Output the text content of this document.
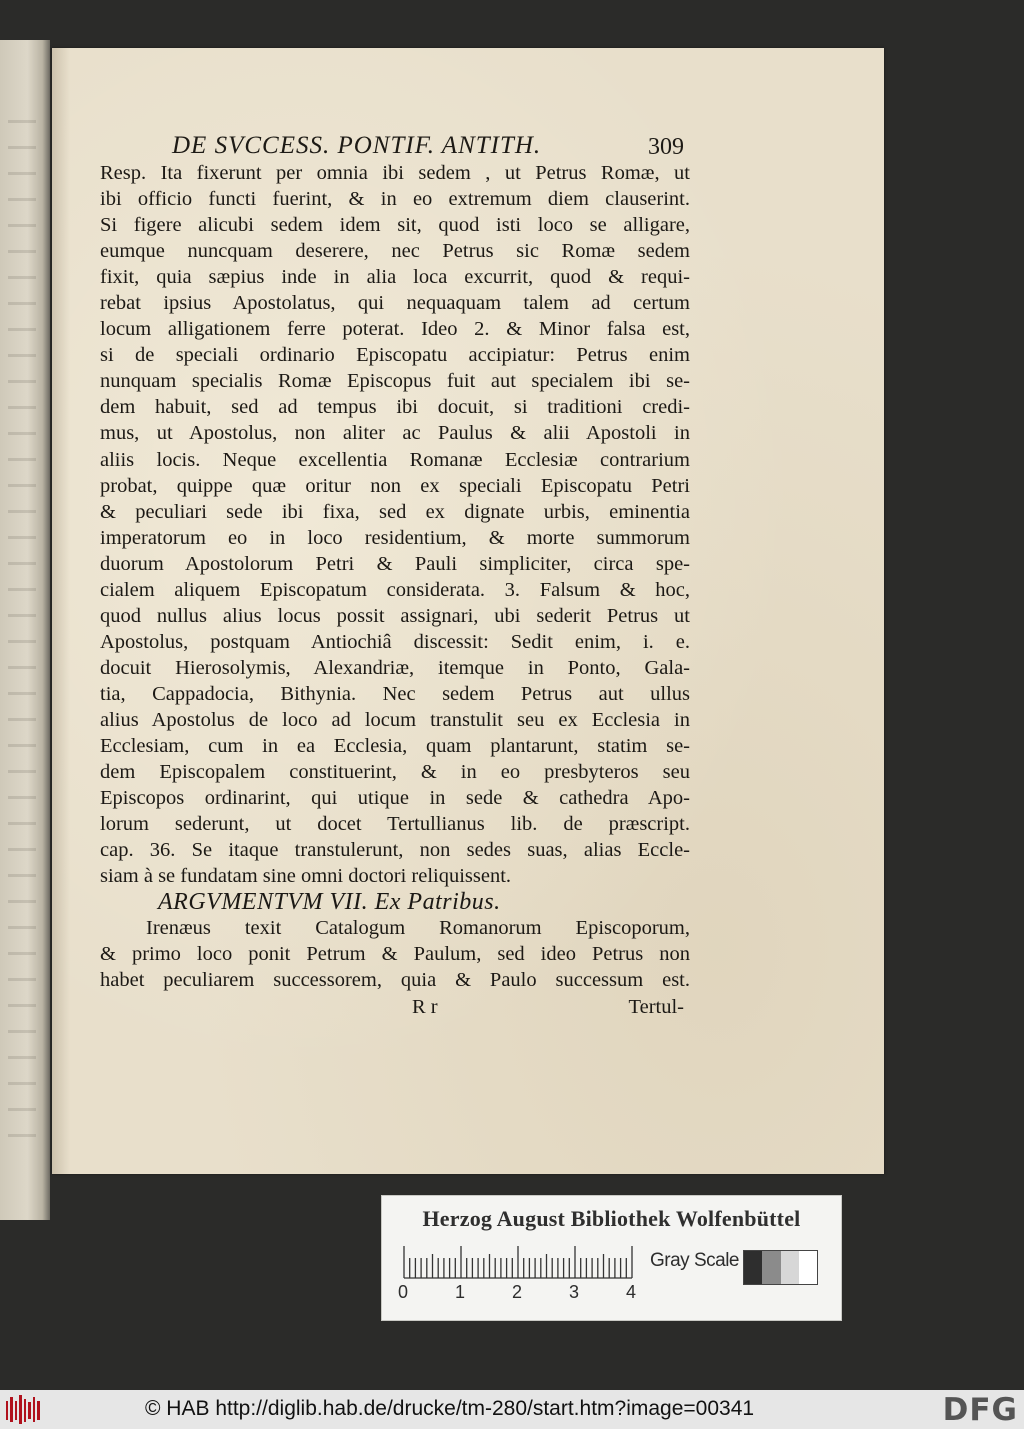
DE SVCCESS. PONTIF. ANTITH.	309
Resp. Ita fixerunt per omnia ibi sedem , ut Petrus Romæ, ut
ibi officio functi fuerint, & in eo extremum diem clauserint.
Si figere alicubi sedem idem sit, quod isti loco se alligare,
eumque nuncquam deserere, nec Petrus sic Romæ sedem
fixit, quia sæpius inde in alia loca excurrit, quod & requi-
rebat ipsius Apostolatus, qui nequaquam talem ad certum
locum alligationem ferre poterat. Ideo 2. & Minor falsa est,
si de speciali ordinario Episcopatu accipiatur: Petrus enim
nunquam specialis Romæ Episcopus fuit aut specialem ibi se-
dem habuit, sed ad tempus ibi docuit, si traditioni credi-
mus, ut Apostolus, non aliter ac Paulus & alii Apostoli in
aliis locis. Neque excellentia Romanæ Ecclesiæ contrarium
probat, quippe quæ oritur non ex speciali Episcopatu Petri
& peculiari sede ibi fixa, sed ex dignate urbis, eminentia
imperatorum eo in loco residentium, & morte summorum
duorum Apostolorum Petri & Pauli simpliciter, circa spe-
cialem aliquem Episcopatum considerata. 3. Falsum & hoc,
quod nullus alius locus possit assignari, ubi sederit Petrus ut
Apostolus, postquam Antiochiâ discessit: Sedit enim, i. e.
docuit Hierosolymis, Alexandriæ, itemque in Ponto, Gala-
tia, Cappadocia, Bithynia. Nec sedem Petrus aut ullus
alius Apostolus de loco ad locum transtulit seu ex Ecclesia in
Ecclesiam, cum in ea Ecclesia, quam plantarunt, statim se-
dem Episcopalem constituerint, & in eo presbyteros seu
Episcopos ordinarint, qui utique in sede & cathedra Apo-
lorum sederunt, ut docet Tertullianus lib. de præscript.
cap. 36. Se itaque transtulerunt, non sedes suas, alias Eccle-
siam à se fundatam sine omni doctori reliquissent.
ARGVMENTVM VII. Ex Patribus.
Irenæus texit Catalogum Romanorum Episcoporum,
& primo loco ponit Petrum & Paulum, sed ideo Petrus non
habet peculiarem successorem, quia & Paulo successum est.
R r	Tertul-
Herzog August Bibliothek Wolfenbüttel
0	1	2	3	4
Gray Scale
© HAB http://diglib.hab.de/drucke/tm-280/start.htm?image=00341	DFG
